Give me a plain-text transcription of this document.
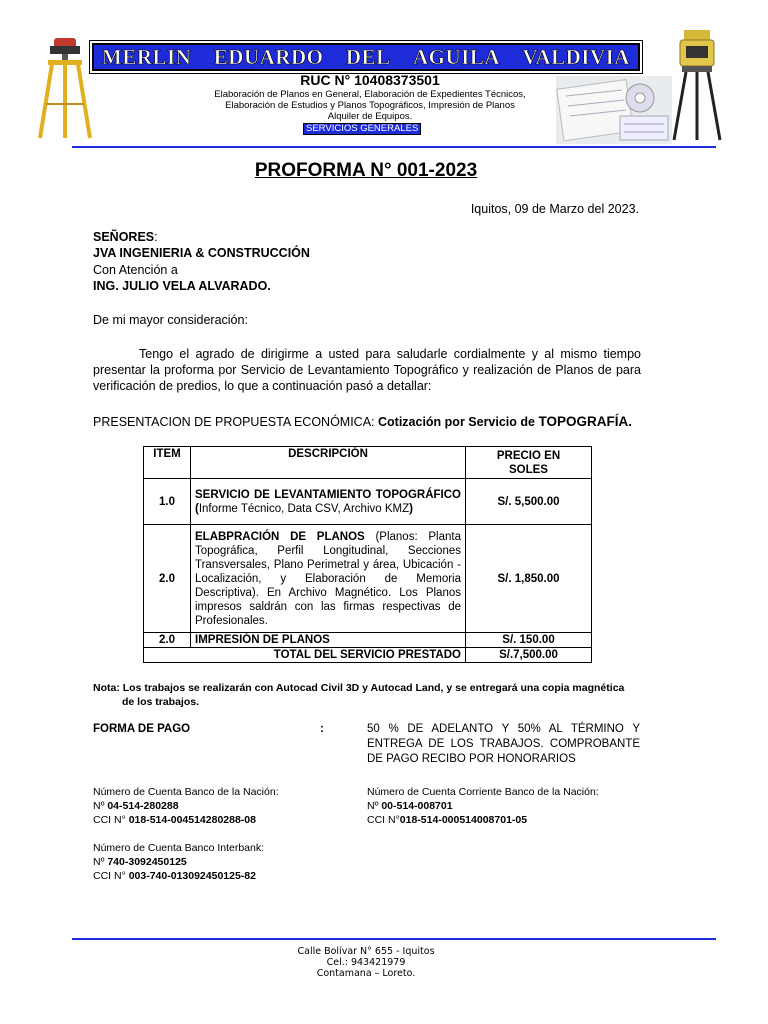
MERLIN EDUARDO DEL AGUILA VALDIVIA
RUC N° 10408373501
Elaboración de Planos en General, Elaboración de Expedientes Técnicos,
Elaboración de Estudios y Planos Topográficos, Impresión de Planos
Alquiler de Equipos.
SERVICIOS GENERALES
PROFORMA N° 001-2023
Iquitos, 09 de Marzo del 2023.
SEÑORES:
JVA INGENIERIA & CONSTRUCCIÓN
Con Atención a
ING. JULIO VELA ALVARADO.
De mi mayor consideración:
Tengo el agrado de dirigirme a usted para saludarle cordialmente y al mismo tiempo presentar la proforma por Servicio de Levantamiento Topográfico y realización de Planos de para verificación de predios, lo que a continuación pasó a detallar:
PRESENTACION DE PROPUESTA ECONÓMICA: Cotización por Servicio de TOPOGRAFÍA.
ITEM	DESCRIPCIÓN	PRECIO EN SOLES
1.0	SERVICIO DE LEVANTAMIENTO TOPOGRÁFICO (Informe Técnico, Data CSV, Archivo KMZ)	S/. 5,500.00
2.0	ELABPRACIÓN DE PLANOS (Planos: Planta Topográfica, Perfil Longitudinal, Secciones Transversales, Plano Perimetral y área, Ubicación - Localización, y Elaboración de Memoria Descriptiva). En Archivo Magnético. Los Planos impresos saldrán con las firmas respectivas de Profesionales.	S/. 1,850.00
2.0	IMPRESIÓN DE PLANOS	S/. 150.00
TOTAL DEL SERVICIO PRESTADO		S/.7,500.00
Nota: Los trabajos se realizarán con Autocad Civil 3D y Autocad Land, y se entregará una copia magnética
de los trabajos.
FORMA DE PAGO	:	50 % DE ADELANTO Y 50% AL TÉRMINO Y ENTREGA DE LOS TRABAJOS. COMPROBANTE DE PAGO RECIBO POR HONORARIOS
Número de Cuenta Banco de la Nación:
Nº 04-514-280288
CCI N° 018-514-004514280288-08
Número de Cuenta Corriente Banco de la Nación:
Nº 00-514-008701
CCI N°018-514-000514008701-05
Número de Cuenta Banco Interbank:
Nº 740-3092450125
CCI N° 003-740-013092450125-82
Calle Bolívar N° 655 - Iquitos
Cel.: 943421979
Contamana – Loreto.
